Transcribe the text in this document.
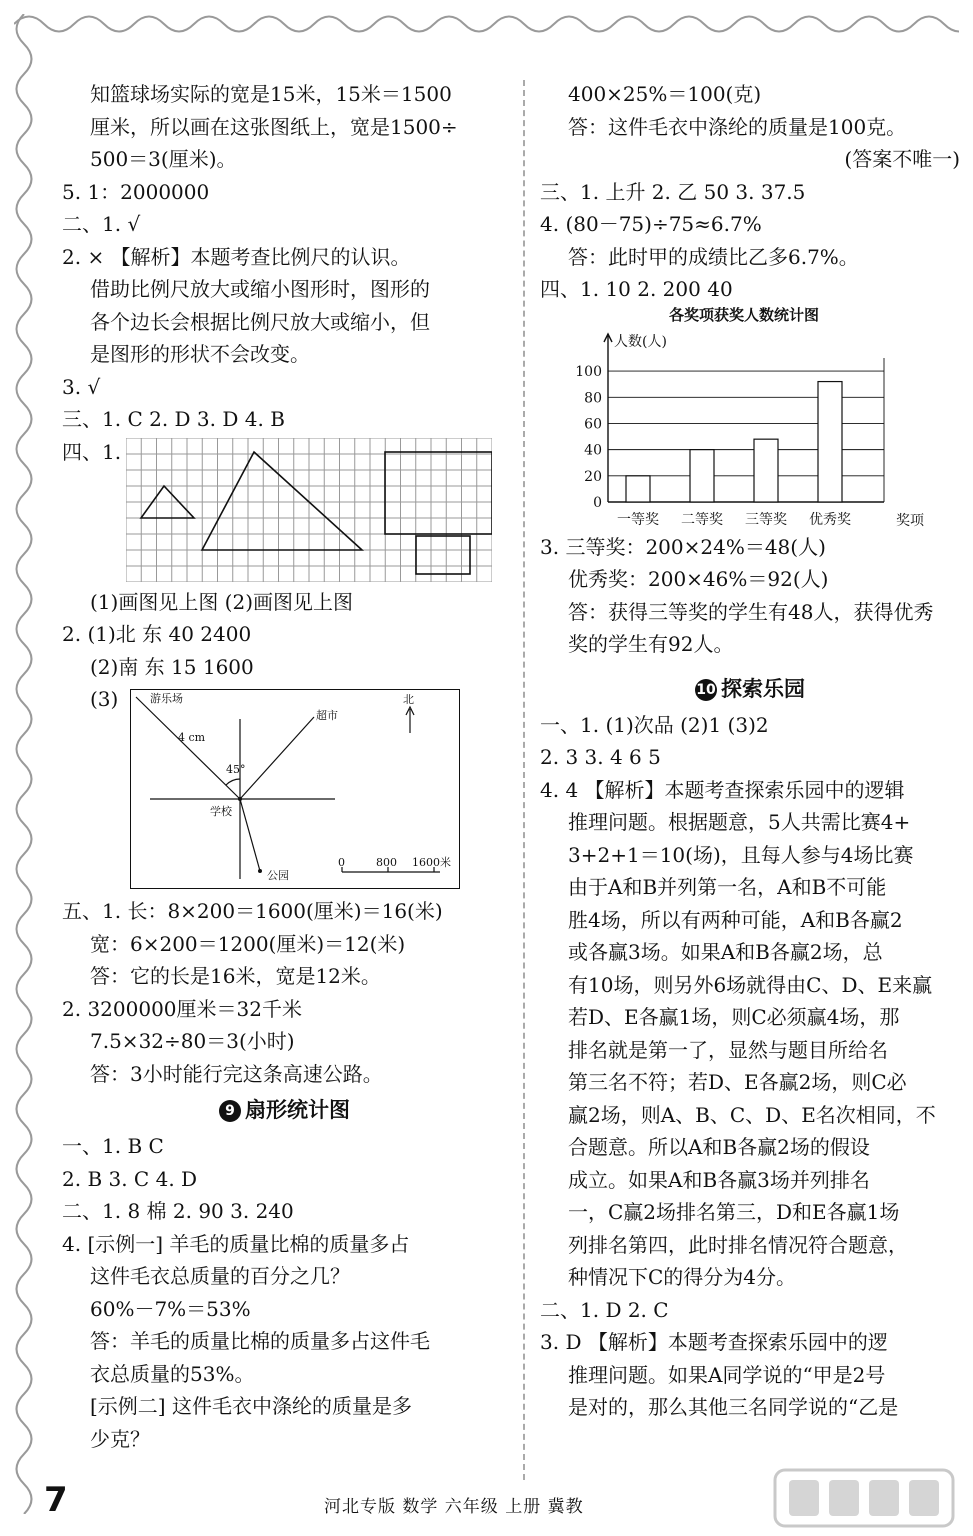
知篮球场实际的宽是15米，15米＝1500
厘米，所以画在这张图纸上，宽是1500÷
500＝3(厘米)。
5. 1：2000000
二、1. √
2. × 【解析】本题考查比例尺的认识。
借助比例尺放大或缩小图形时，图形的
各个边长会根据比例尺放大或缩小，但
是图形的形状不会改变。
3. √
三、1. C 2. D 3. D 4. B
四、1.
(1)画图见上图 (2)画图见上图
2. (1)北 东 40 2400
(2)南 东 15 1600
(3)	游乐场
超市
北
4 cm
45°
学校
公园
0	800 1600米
五、1. 长：8×200＝1600(厘米)＝16(米)
宽：6×200＝1200(厘米)＝12(米)
答：它的长是16米，宽是12米。
2. 3200000厘米＝32千米
7.5×32÷80＝3(小时)
答：3小时能行完这条高速公路。
9 扇形统计图
一、1. B C
2. B 3. C 4. D
二、1. 8 棉 2. 90 3. 240
4. [示例一] 羊毛的质量比棉的质量多占
这件毛衣总质量的百分之几？
60%－7%＝53%
答：羊毛的质量比棉的质量多占这件毛
衣总质量的53%。
[示例二] 这件毛衣中涤纶的质量是多
少克？
400×25%＝100(克)
答：这件毛衣中涤纶的质量是100克。
(答案不唯一)
三、1. 上升 2. 乙 50 3. 37.5
4. (80－75)÷75≈6.7%
答：此时甲的成绩比乙多6.7%。
四、1. 10 2. 200 40
各奖项获奖人数统计图
人数(人)
奖项
0
20
40
60
80
100
一等奖 二等奖 三等奖 优秀奖
3. 三等奖：200×24%＝48(人)
优秀奖：200×46%＝92(人)
答：获得三等奖的学生有48人，获得优秀
奖的学生有92人。
10 探索乐园
一、1. (1)次品 (2)1 (3)2
2. 3 3. 4 6 5
4. 4 【解析】本题考查探索乐园中的逻辑
推理问题。根据题意，5人共需比赛4+
3+2+1＝10(场)，且每人参与4场比赛
由于A和B并列第一名，A和B不可能
胜4场，所以有两种可能，A和B各赢2
或各赢3场。如果A和B各赢2场，总
有10场，则另外6场就得由C、D、E来赢
若D、E各赢1场，则C必须赢4场，那
排名就是第一了，显然与题目所给名
第三名不符；若D、E各赢2场，则C必
赢2场，则A、B、C、D、E名次相同，不
合题意。所以A和B各赢2场的假设
成立。如果A和B各赢3场并列排名
一，C赢2场排名第三，D和E各赢1场
列排名第四，此时排名情况符合题意，
种情况下C的得分为4分。
二、1. D 2. C
3. D 【解析】本题考查探索乐园中的逻
推理问题。如果A同学说的“甲是2号
是对的，那么其他三名同学说的“乙是
7	河北专版 数学 六年级 上册 冀教
